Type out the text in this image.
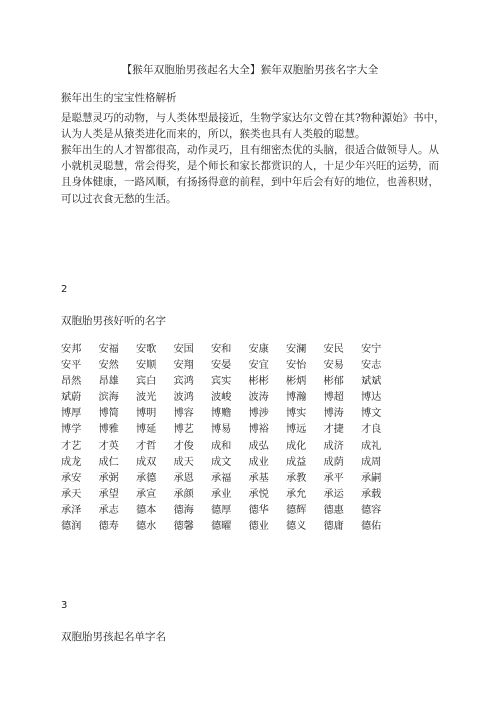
【猴年双胞胎男孩起名大全】猴年双胞胎男孩名字大全
猴年出生的宝宝性格解析

是聪慧灵巧的动物，与人类体型最接近，生物学家达尔文曾在其?物种源始》书中，认为人类是从猿类进化而来的，所以，猴类也具有人类般的聪慧。

猴年出生的人才智都很高，动作灵巧，且有细密杰优的头脑，很适合做领导人。从小就机灵聪慧，常会得奖，是个师长和家长都赏识的人，十足少年兴旺的运势，而且身体健康，一路风顺，有扬扬得意的前程，到中年后会有好的地位，也善积财，可以过衣食无愁的生活。

2
双胞胎男孩好听的名字
安邦	安福	安歌	安国	安和	安康	安澜	安民	安宁
安平	安然	安顺	安翔	安晏	安宜	安怡	安易	安志
昂然	昂雄	宾白	宾鸿	宾实	彬彬	彬炳	彬郁	斌斌
斌蔚	滨海	波光	波鸿	波峻	波涛	博瀚	博超	博达
博厚	博简	博明	博容	博赡	博涉	博实	博涛	博文
博学	博雅	博延	博艺	博易	博裕	博远	才捷	才良
才艺	才英	才哲	才俊	成和	成弘	成化	成济	成礼
成龙	成仁	成双	成天	成文	成业	成益	成荫	成周
承安	承弼	承德	承恩	承福	承基	承教	承平	承嗣
承天	承望	承宣	承颜	承业	承悦	承允	承运	承载
承泽	承志	德本	德海	德厚	德华	德辉	德惠	德容
德润	德寿	德水	德馨	德曜	德业	德义	德庸	德佑
3
双胞胎男孩起名单字名
